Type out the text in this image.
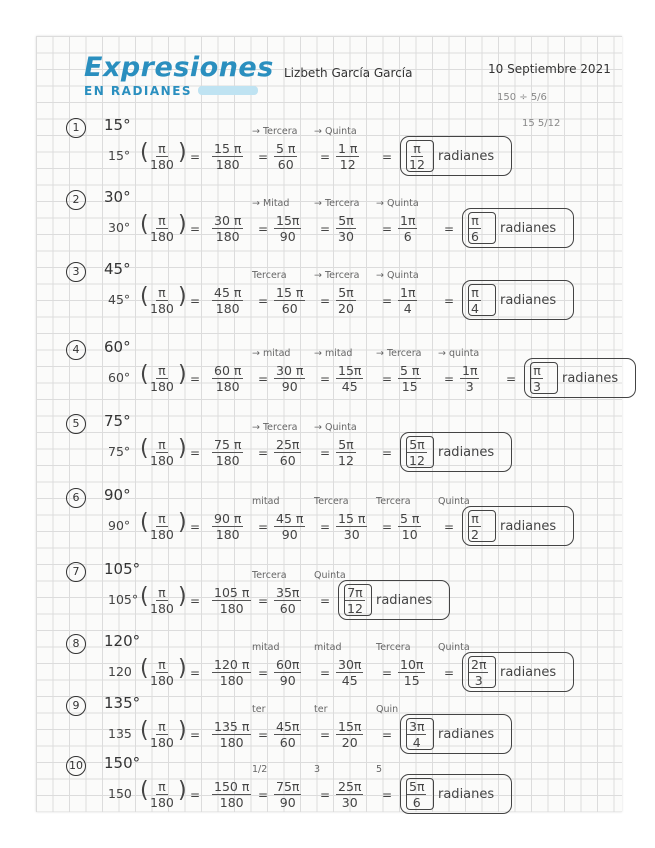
Expresiones
EN RADIANES
Lizbeth García García	10 Septiembre 2021
150 ÷ 5/6
15 5/12
1	15°
15° ( $\frac{\pi}{180}$ ) = $\frac{15 \pi}{180}$
→ Tercera
= $\frac{5 \pi}{60}$
→ Quinta
= $\frac{1 \pi}{12} = \frac{\pi}{12}$ radianes
2	30°
30° ( $\frac{\pi}{180}$ ) = $\frac{30 \pi}{180}$
→ Mitad
= $\frac{15\pi}{90}$
→ Tercera
= $\frac{5\pi}{30}$
→ Quinta
= $\frac{1\pi}{6} = \frac{\pi}{6}$ radianes
3	45°
45° ( $\frac{\pi}{180}$ ) = $\frac{45 \pi}{180}$
Tercera
= $\frac{15 \pi}{60}$
→ Tercera
= $\frac{5\pi}{20}$
→ Quinta
= $\frac{1\pi}{4} = \frac{\pi}{4}$ radianes
4	60°
60° ( $\frac{\pi}{180}$ ) = $\frac{60 \pi}{180}$
→ mitad
= $\frac{30 \pi}{90}$
→ mitad
= $\frac{15\pi}{45}$
→ Tercera
= $\frac{5 \pi}{15}$
→ quinta
= $\frac{1\pi}{3} = \frac{\pi}{3}$ radianes
5	75°
75° ( $\frac{\pi}{180}$ ) = $\frac{75 \pi}{180}$
→ Tercera
= $\frac{25\pi}{60}$
→ Quinta
= $\frac{5\pi}{12} = \frac{5\pi}{12}$ radianes
6	90°
90° ( $\frac{\pi}{180}$ ) = $\frac{90 \pi}{180}$
mitad
= $\frac{45 \pi}{90}$
Tercera
= $\frac{15 \pi}{30}$
Tercera
= $\frac{5 \pi}{10}$
Quinta
= $\frac{\pi}{2}$ radianes
7	105°
105° ( $\frac{\pi}{180}$ ) = $\frac{105 \pi}{180}$
Tercera
= $\frac{35\pi}{60}$
Quinta
= $\frac{7\pi}{12}$ radianes
8	120°
120 ( $\frac{\pi}{180}$ ) = $\frac{120 \pi}{180}$
mitad
= $\frac{60\pi}{90}$
mitad
= $\frac{30\pi}{45}$
Tercera
= $\frac{10\pi}{15}$
Quinta
= $\frac{2\pi}{3}$ radianes
9	135°
135 ( $\frac{\pi}{180}$ ) = $\frac{135 \pi}{180}$
ter
= $\frac{45\pi}{60}$
ter
= $\frac{15\pi}{20}$
Quin
= $\frac{3\pi}{4}$ radianes
10 150°
150 ( $\frac{\pi}{180}$ ) = $\frac{150 \pi}{180}$
1/2
= $\frac{75\pi}{90}$
3
= $\frac{25\pi}{30}$
5
= $\frac{5\pi}{6}$ radianes
